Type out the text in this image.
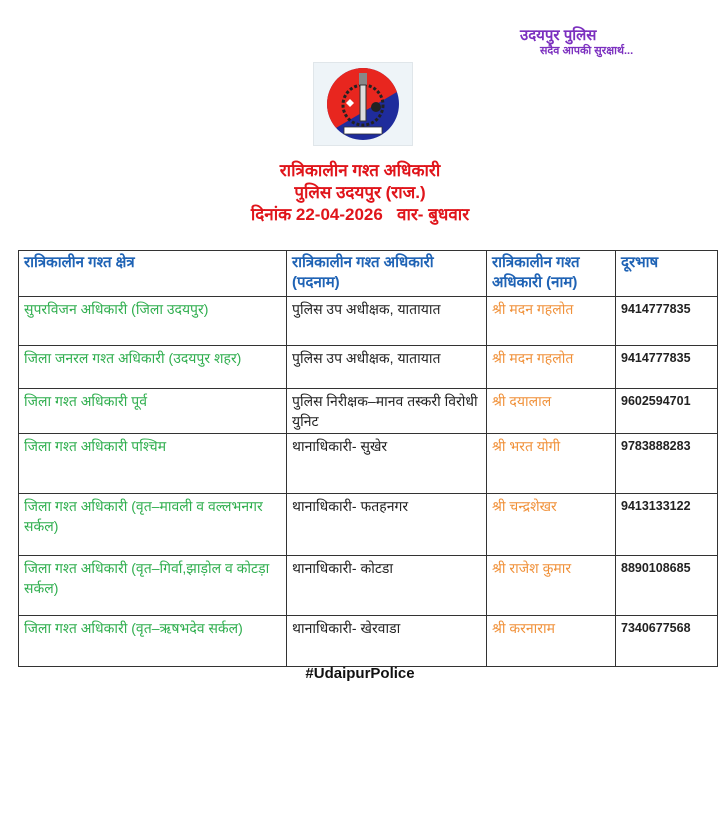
उदयपुर पुलिस
सदैव आपकी सुरक्षार्थ...
रात्रिकालीन गश्त अधिकारी
पुलिस उदयपुर (राज.)
दिनांक 22-04-2026   वार- बुधवार
रात्रिकालीन गश्त क्षेत्र	रात्रिकालीन गश्त अधिकारी (पदनाम)	रात्रिकालीन गश्त अधिकारी (नाम)	दूरभाष
सुपरविजन अधिकारी (जिला उदयपुर)	पुलिस उप अधीक्षक, यातायात	श्री मदन गहलोत	9414777835
जिला जनरल गश्त अधिकारी (उदयपुर शहर)	पुलिस उप अधीक्षक, यातायात	श्री मदन गहलोत	9414777835
जिला गश्त अधिकारी पूर्व	पुलिस निरीक्षक–मानव तस्करी विरोधी युनिट	श्री दयालाल	9602594701
जिला गश्त अधिकारी पश्चिम	थानाधिकारी- सुखेर	श्री भरत योगी	9783888283
जिला गश्त अधिकारी (वृत–मावली व वल्लभनगर सर्कल)	थानाधिकारी- फतहनगर	श्री चन्द्रशेखर	9413133122
जिला गश्त अधिकारी (वृत–गिर्वा,झाड़ोल व कोटड़ा सर्कल)	थानाधिकारी- कोटडा	श्री राजेश कुमार	8890108685
जिला गश्त अधिकारी (वृत–ऋषभदेव सर्कल)	थानाधिकारी- खेरवाडा	श्री करनाराम	7340677568
#UdaipurPolice
